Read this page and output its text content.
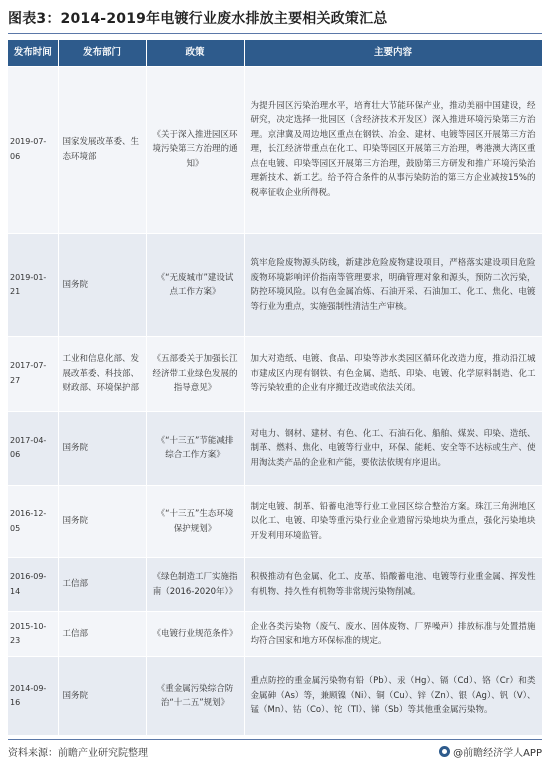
图表3：2014-2019年电镀行业废水排放主要相关政策汇总
发布时间	发布部门	政策	主要内容
2019-07-06	国家发展改革委、生态环境部	《关于深入推进园区环境污染第三方治理的通知》	为提升园区污染治理水平，培育壮大节能环保产业，推动美丽中国建设，经研究，决定选择一批园区（含经济技术开发区）深入推进环境污染第三方治理。京津冀及周边地区重点在钢铁、冶金、建材、电镀等园区开展第三方治理，长江经济带重点在化工、印染等园区开展第三方治理，粤港澳大湾区重点在电镀、印染等园区开展第三方治理，鼓励第三方研发和推广环境污染治理新技术、新工艺。给予符合条件的从事污染防治的第三方企业减按15%的税率征收企业所得税。
2019-01-21	国务院	《“无废城市”建设试点工作方案》	筑牢危险废物源头防线，新建涉危险废物建设项目，严格落实建设项目危险废物环境影响评价指南等管理要求，明确管理对象和源头，预防二次污染，防控环境风险。以有色金属冶炼、石油开采、石油加工、化工、焦化、电镀等行业为重点，实施强制性清洁生产审核。
2017-07-27	工业和信息化部、发展改革委、科技部、财政部、环境保护部	《五部委关于加强长江经济带工业绿色发展的指导意见》	加大对造纸、电镀、食品、印染等涉水类园区循环化改造力度，推动沿江城市建成区内现有钢铁、有色金属、造纸、印染、电镀、化学原料制造、化工等污染较重的企业有序搬迁改造或依法关闭。
2017-04-06	国务院	《“十三五”节能减排综合工作方案》	对电力、钢材、建材、有色、化工、石油石化、船舶、煤炭、印染、造纸、制革、燃料、焦化、电镀等行业中，环保、能耗、安全等不达标或生产、使用淘汰类产品的企业和产能，要依法依规有序退出。
2016-12-05	国务院	《“十三五”生态环境保护规划》	制定电镀、制革、铅蓄电池等行业工业园区综合整治方案。珠江三角洲地区以化工、电镀、印染等重污染行业企业遗留污染地块为重点，强化污染地块开发利用环境监管。
2016-09-14	工信部	《绿色制造工厂实施指南（2016-2020年）》	积极推动有色金属、化工、皮革、铅酸蓄电池、电镀等行业重金属、挥发性有机物、持久性有机物等非常规污染物削减。
2015-10-23	工信部	《电镀行业规范条件》	企业各类污染物（废气、废水、固体废物、厂界噪声）排放标准与处置措施均符合国家和地方环保标准的规定。
2014-09-16	国务院	《重金属污染综合防治“十二五”规划》	重点防控的重金属污染物有铅（Pb）、汞（Hg）、镉（Cd）、铬（Cr）和类金属砷（As）等，兼顾镍（Ni）、铜（Cu）、锌（Zn）、银（Ag）、钒（V）、锰（Mn）、钴（Co）、铊（Tl）、锑（Sb）等其他重金属污染物。
资料来源：前瞻产业研究院整理	@前瞻经济学人APP
